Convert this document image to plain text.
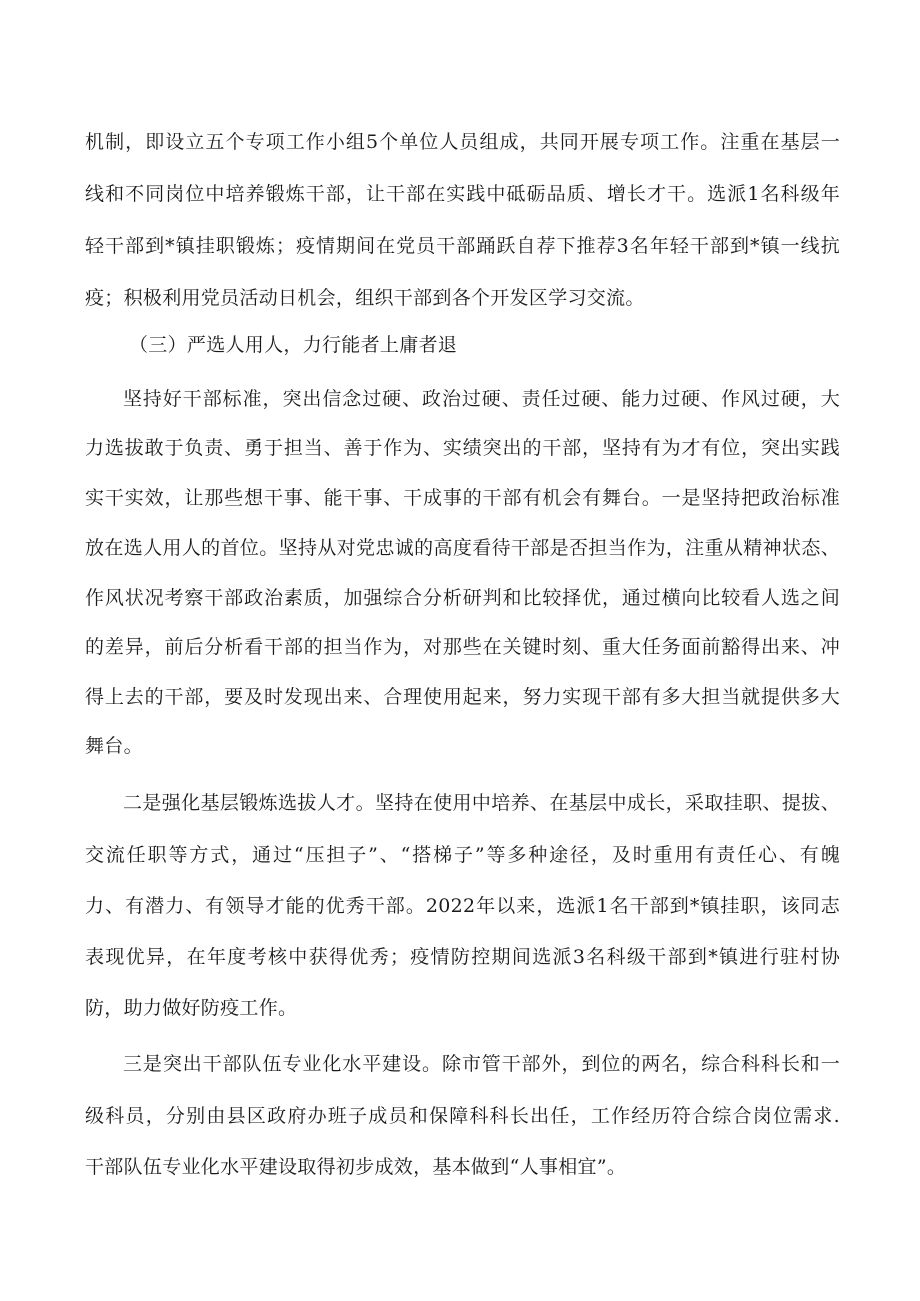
机制，即设立五个专项工作小组5个单位人员组成，共同开展专项工作。注重在基层一
线和不同岗位中培养锻炼干部，让干部在实践中砥砺品质、增长才干。选派1名科级年
轻干部到*镇挂职锻炼；疫情期间在党员干部踊跃自荐下推荐3名年轻干部到*镇一线抗
疫；积极利用党员活动日机会，组织干部到各个开发区学习交流。
（三）严选人用人，力行能者上庸者退
坚持好干部标准，突出信念过硬、政治过硬、责任过硬、能力过硬、作风过硬，大
力选拔敢于负责、勇于担当、善于作为、实绩突出的干部，坚持有为才有位，突出实践
实干实效，让那些想干事、能干事、干成事的干部有机会有舞台。一是坚持把政治标准
放在选人用人的首位。坚持从对党忠诚的高度看待干部是否担当作为，注重从精神状态、
作风状况考察干部政治素质，加强综合分析研判和比较择优，通过横向比较看人选之间
的差异，前后分析看干部的担当作为，对那些在关键时刻、重大任务面前豁得出来、冲
得上去的干部，要及时发现出来、合理使用起来，努力实现干部有多大担当就提供多大
舞台。
二是强化基层锻炼选拔人才。坚持在使用中培养、在基层中成长，采取挂职、提拔、
交流任职等方式，通过“压担子”、“搭梯子”等多种途径，及时重用有责任心、有魄
力、有潜力、有领导才能的优秀干部。2022年以来，选派1名干部到*镇挂职，该同志
表现优异，在年度考核中获得优秀；疫情防控期间选派3名科级干部到*镇进行驻村协
防，助力做好防疫工作。
三是突出干部队伍专业化水平建设。除市管干部外，到位的两名，综合科科长和一
级科员，分别由县区政府办班子成员和保障科科长出任，工作经历符合综合岗位需求.
干部队伍专业化水平建设取得初步成效，基本做到“人事相宜”。
